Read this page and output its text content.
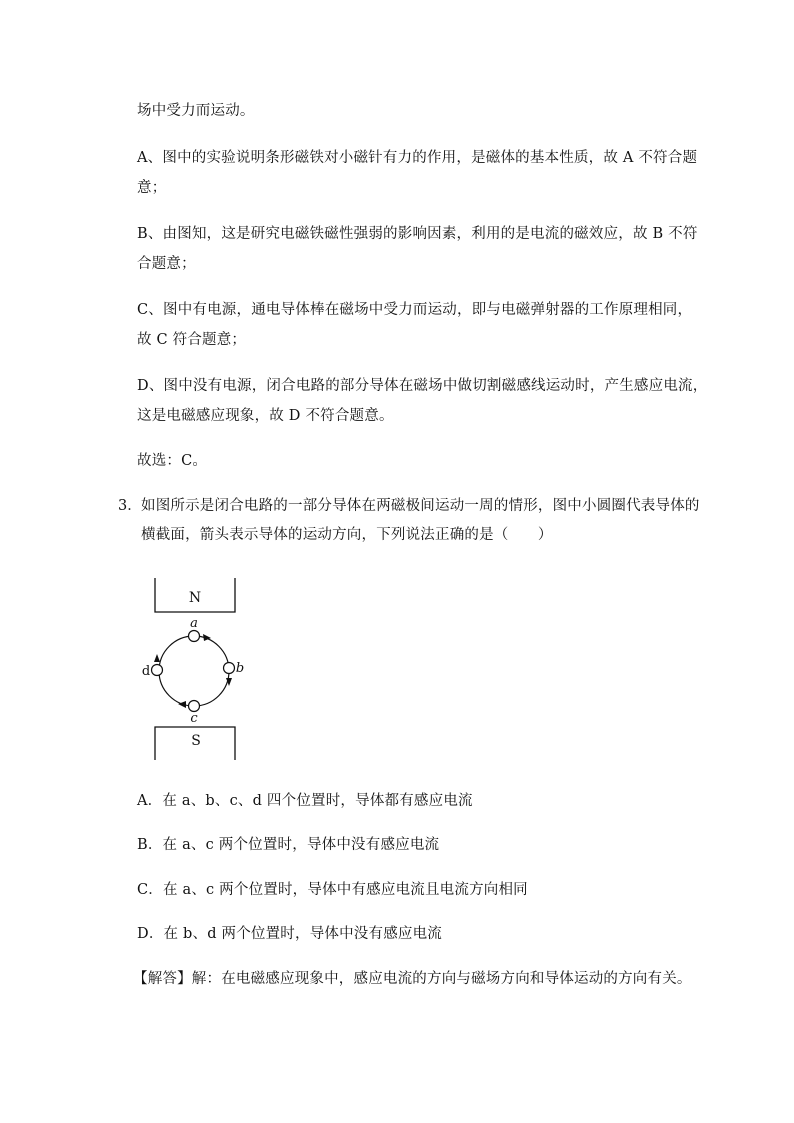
场中受力而运动。
A、图中的实验说明条形磁铁对小磁针有力的作用，是磁体的基本性质，故 A 不符合题
意；
B、由图知，这是研究电磁铁磁性强弱的影响因素，利用的是电流的磁效应，故 B 不符
合题意；
C、图中有电源，通电导体棒在磁场中受力而运动，即与电磁弹射器的工作原理相同，
故 C 符合题意；
D、图中没有电源，闭合电路的部分导体在磁场中做切割磁感线运动时，产生感应电流，
这是电磁感应现象，故 D 不符合题意。
故选：C。
3． 如图所示是闭合电路的一部分导体在两磁极间运动一周的情形，图中小圆圈代表导体的
横截面，箭头表示导体的运动方向，下列说法正确的是（　　）
N
S
a
b
c
d
A．在 a、b、c、d 四个位置时，导体都有感应电流
B．在 a、c 两个位置时，导体中没有感应电流
C．在 a、c 两个位置时，导体中有感应电流且电流方向相同
D．在 b、d 两个位置时，导体中没有感应电流
【解答】解：在电磁感应现象中，感应电流的方向与磁场方向和导体运动的方向有关。
